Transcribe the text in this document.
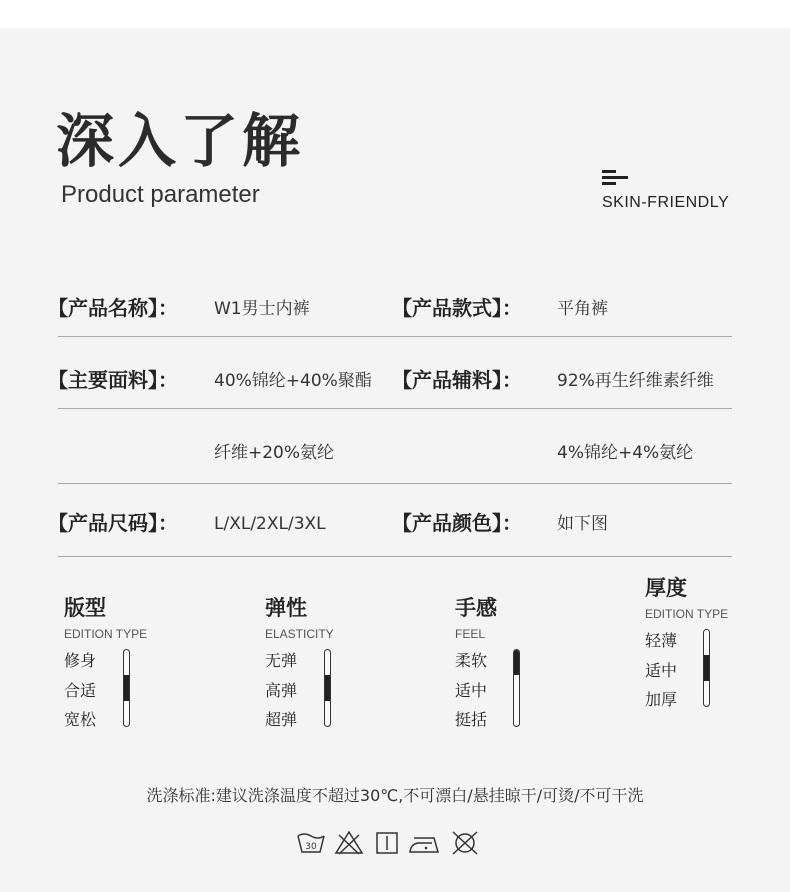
深入了解
Product parameter	SKIN-FRIENDLY
【产品名称】： W1男士内裤	【产品款式】： 平角裤
【主要面料】： 40%锦纶+40%聚酯 【产品辅料】： 92%再生纤维素纤维
纤维+20%氨纶	4%锦纶+4%氨纶
【产品尺码】： L/XL/2XL/3XL	【产品颜色】： 如下图
版型
EDITION TYPE
修身
合适
宽松
弹性
ELASTICITY
无弹
高弹
超弹
手感
FEEL
柔软
适中
挺括
厚度
EDITION TYPE
轻薄
适中
加厚
洗涤标准:建议洗涤温度不超过30℃,不可漂白/悬挂晾干/可烫/不可干洗
30
